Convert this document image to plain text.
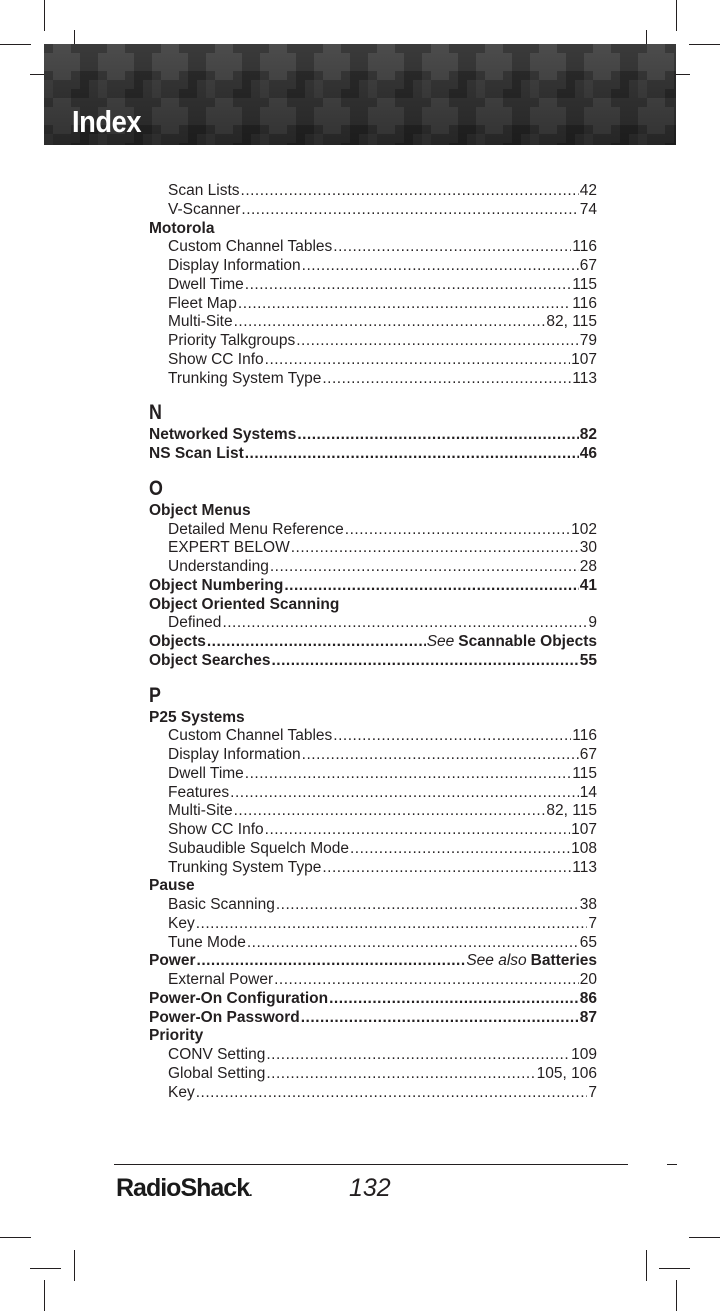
Index
Scan Lists .....	42
V-Scanner .....	74
Motorola
Custom Channel Tables .....	116
Display Information .....	67
Dwell Time .....	115
Fleet Map .....	116
Multi-Site .....	82, 115
Priority Talkgroups .....	79
Show CC Info .....	107
Trunking System Type .....	113
N
Networked Systems .....	82
NS Scan List .....	46
O
Object Menus
Detailed Menu Reference .....	102
EXPERT BELOW .....	30
Understanding .....	28
Object Numbering .....	41
Object Oriented Scanning
Defined .....	9
Objects .....	See Scannable Objects
Object Searches .....	55
P
P25 Systems
Custom Channel Tables .....	116
Display Information .....	67
Dwell Time .....	115
Features .....	14
Multi-Site .....	82, 115
Show CC Info .....	107
Subaudible Squelch Mode .....	108
Trunking System Type .....	113
Pause
Basic Scanning .....	38
Key .....	7
Tune Mode .....	65
Power .....	See also Batteries
External Power .....	20
Power-On Configuration .....	86
Power-On Password .....	87
Priority
CONV Setting .....	109
Global Setting .....	105, 106
Key .....	7
RadioShack.	132
